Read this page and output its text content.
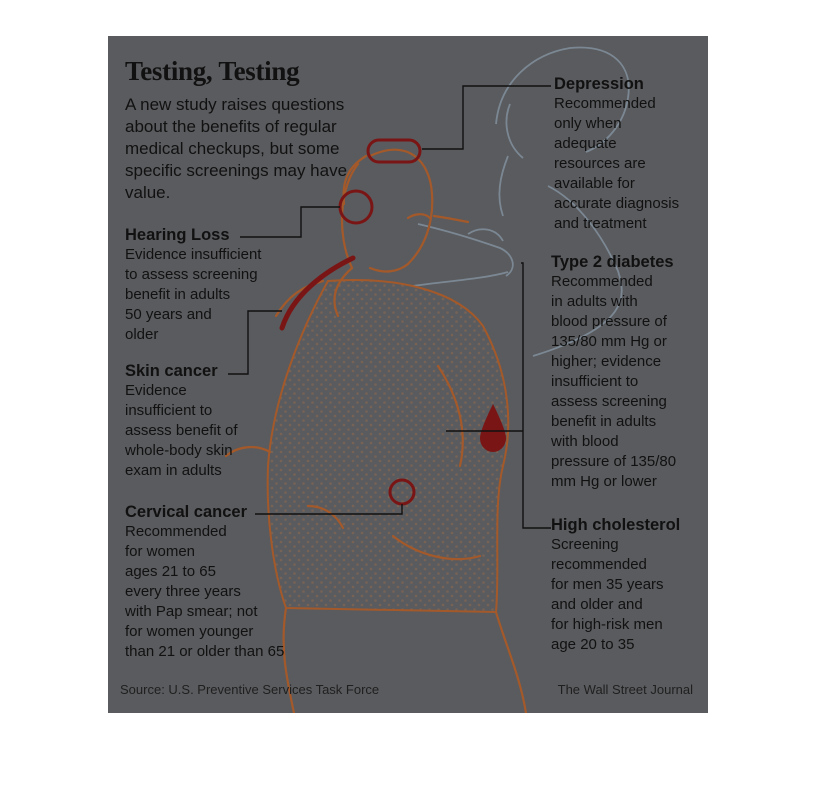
Testing, Testing
A new study raises questions about the benefits of regular medical checkups, but some specific screenings may have value.
Hearing Loss
Evidence insufficient
to assess screening
benefit in adults
50 years and
older
Skin cancer
Evidence
insufficient to
assess benefit of
whole-body skin
exam in adults
Cervical cancer
Recommended
for women
ages 21 to 65
every three years
with Pap smear; not
for women younger
than 21 or older than 65
Depression
Recommended
only when
adequate
resources are
available for
accurate diagnosis
and treatment
Type 2 diabetes
Recommended
in adults with
blood pressure of
135/80 mm Hg or
higher; evidence
insufficient to
assess screening
benefit in adults
with blood
pressure of 135/80
mm Hg or lower
High cholesterol
Screening
recommended
for men 35 years
and older and
for high-risk men
age 20 to 35
Source: U.S. Preventive Services Task Force	The Wall Street Journal
